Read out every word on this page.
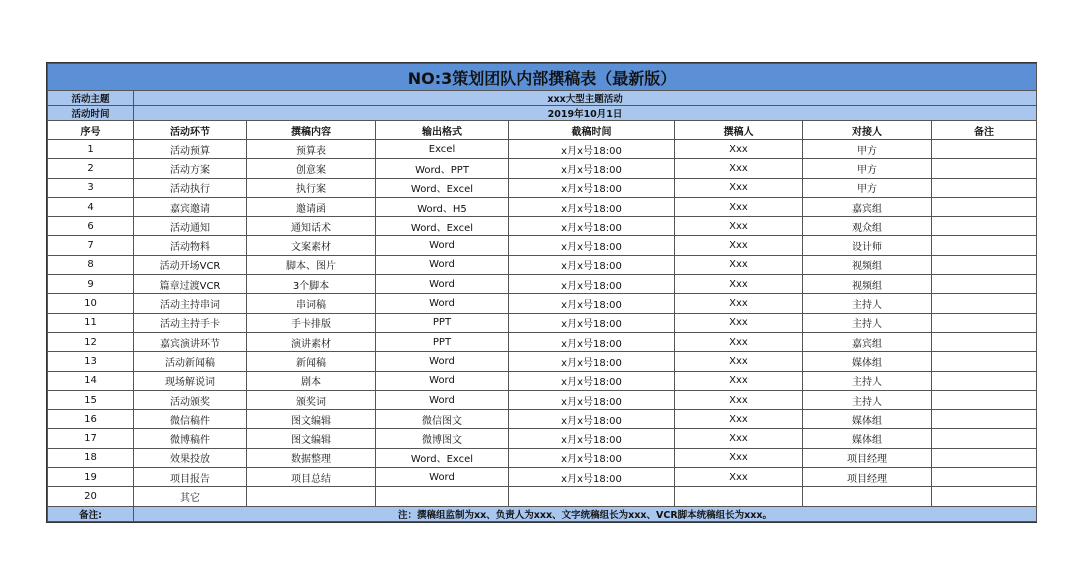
NO:3策划团队内部撰稿表（最新版）							
活动主题	xxx大型主题活动						
活动时间	2019年10月1日						
序号	活动环节	撰稿内容	输出格式	截稿时间	撰稿人	对接人	备注
1	活动预算	预算表	Excel	x月x号18:00	Xxx	甲方	
2	活动方案	创意案	Word、PPT	x月x号18:00	Xxx	甲方	
3	活动执行	执行案	Word、Excel	x月x号18:00	Xxx	甲方	
4	嘉宾邀请	邀请函	Word、H5	x月x号18:00	Xxx	嘉宾组	
6	活动通知	通知话术	Word、Excel	x月x号18:00	Xxx	观众组	
7	活动物料	文案素材	Word	x月x号18:00	Xxx	设计师	
8	活动开场VCR	脚本、图片	Word	x月x号18:00	Xxx	视频组	
9	篇章过渡VCR	3个脚本	Word	x月x号18:00	Xxx	视频组	
10	活动主持串词	串词稿	Word	x月x号18:00	Xxx	主持人	
11	活动主持手卡	手卡排版	PPT	x月x号18:00	Xxx	主持人	
12	嘉宾演讲环节	演讲素材	PPT	x月x号18:00	Xxx	嘉宾组	
13	活动新闻稿	新闻稿	Word	x月x号18:00	Xxx	媒体组	
14	现场解说词	剧本	Word	x月x号18:00	Xxx	主持人	
15	活动颁奖	颁奖词	Word	x月x号18:00	Xxx	主持人	
16	微信稿件	图文编辑	微信图文	x月x号18:00	Xxx	媒体组	
17	微博稿件	图文编辑	微博图文	x月x号18:00	Xxx	媒体组	
18	效果投放	数据整理	Word、Excel	x月x号18:00	Xxx	项目经理	
19	项目报告	项目总结	Word	x月x号18:00	Xxx	项目经理	
20	其它						
备注:	注：撰稿组监制为xx、负责人为xxx、文字统稿组长为xxx、VCR脚本统稿组长为xxx。						
